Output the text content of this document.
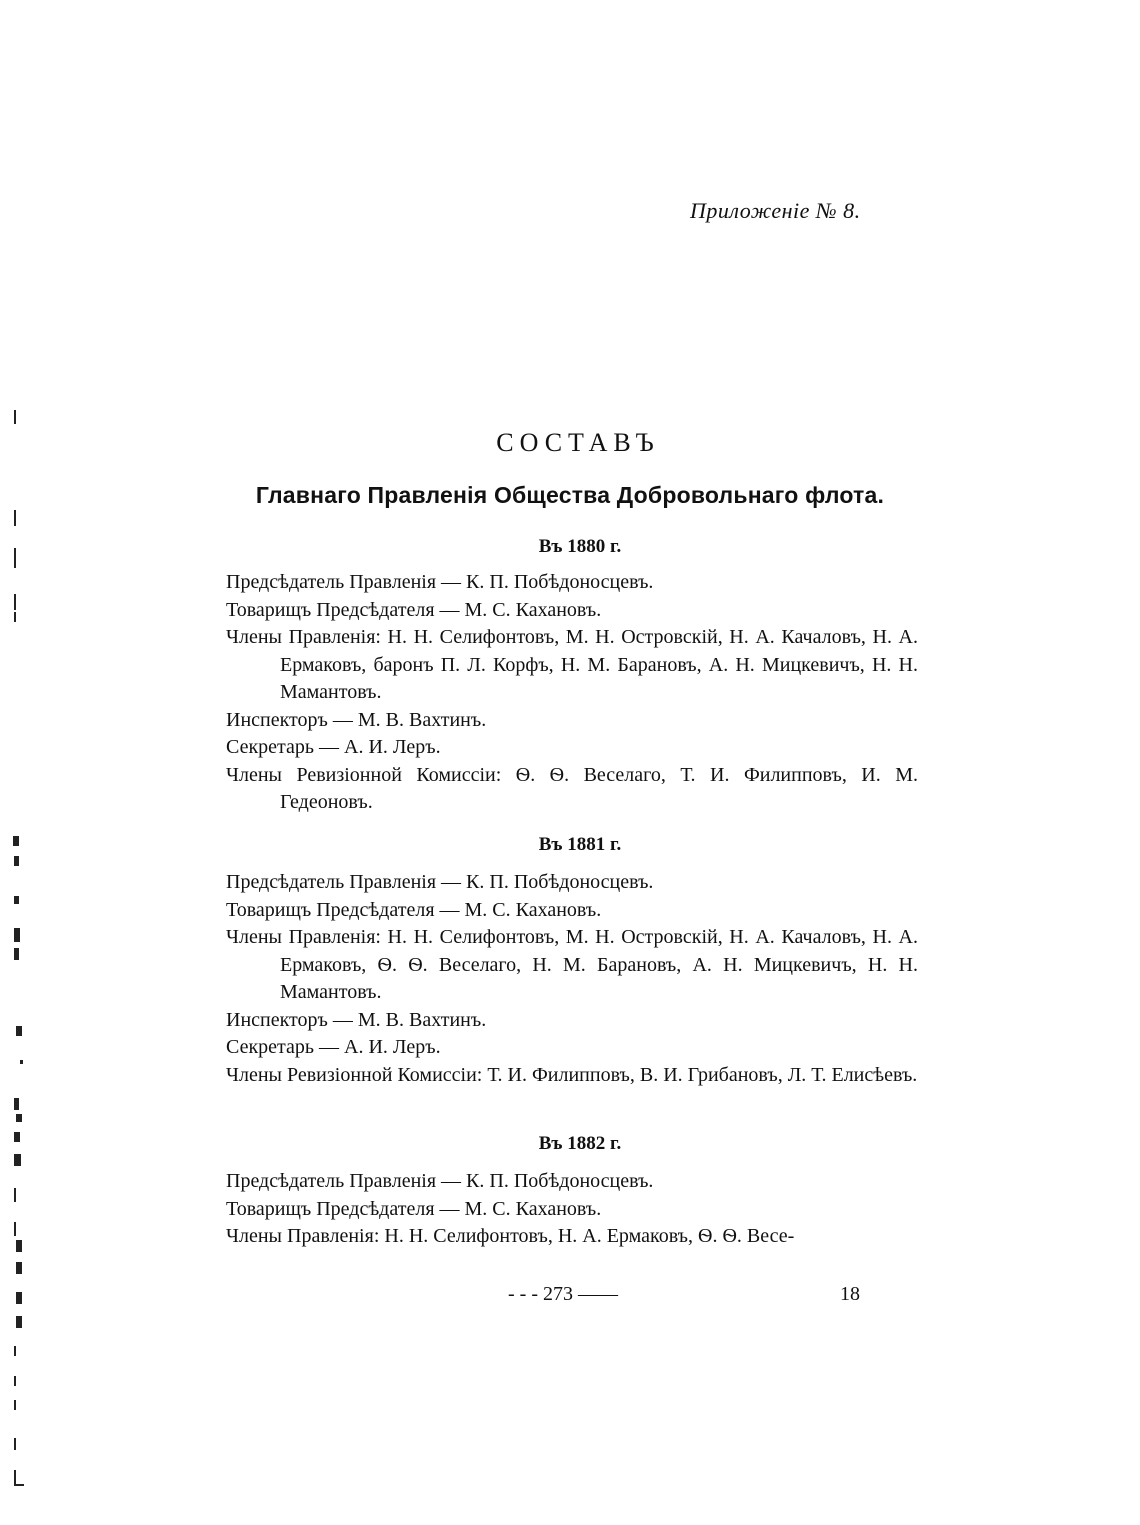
Приложеніе № 8.
СОСТАВЪ
Главнаго Правленія Общества Добровольнаго флота.
Въ 1880 г.
Предсѣдатель Правленія — К. П. Побѣдоносцевъ.
Товарищъ Предсѣдателя — М. С. Кахановъ.
Члены Правленія: Н. Н. Селифонтовъ, М. Н. Островскій, Н. А. Качаловъ, Н. А. Ермаковъ, баронъ П. Л. Корфъ, Н. М. Барановъ, А. Н. Мицкевичъ, Н. Н. Мамантовъ.
Инспекторъ — М. В. Вахтинъ.
Секретарь — А. И. Леръ.
Члены Ревизіонной Комиссіи: Ѳ. Ѳ. Веселаго, Т. И. Филипповъ, И. М. Гедеоновъ.
Въ 1881 г.
Предсѣдатель Правленія — К. П. Побѣдоносцевъ.
Товарищъ Предсѣдателя — М. С. Кахановъ.
Члены Правленія: Н. Н. Селифонтовъ, М. Н. Островскій, Н. А. Качаловъ, Н. А. Ермаковъ, Ѳ. Ѳ. Веселаго, Н. М. Барановъ, А. Н. Мицкевичъ, Н. Н. Мамантовъ.
Инспекторъ — М. В. Вахтинъ.
Секретарь — А. И. Леръ.
Члены Ревизіонной Комиссіи: Т. И. Филипповъ, В. И. Грибановъ, Л. Т. Елисѣевъ.
Въ 1882 г.
Предсѣдатель Правленія — К. П. Побѣдоносцевъ.
Товарищъ Предсѣдателя — М. С. Кахановъ.
Члены Правленія: Н. Н. Селифонтовъ, Н. А. Ермаковъ, Ѳ. Ѳ. Весе-
- - - 273 ——	18
